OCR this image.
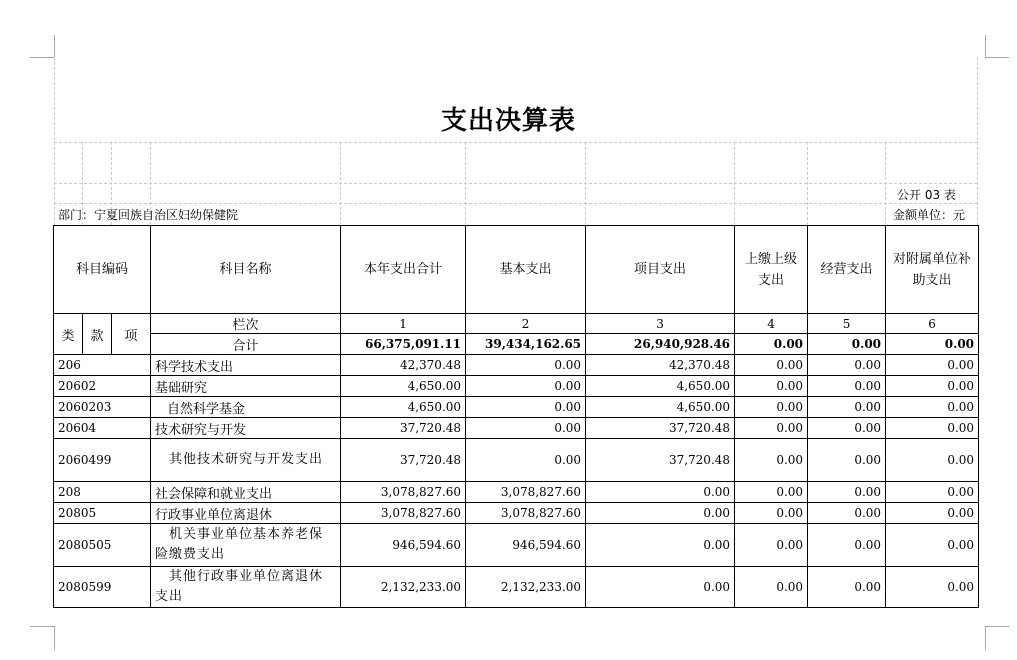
支出决算表
公开 03 表
部门：宁夏回族自治区妇幼保健院	金额单位：元
科目编码			科目名称	本年支出合计	基本支出	项目支出	上缴上级支出	经营支出	对附属单位补助支出
类	款	项	栏次	1	2	3	4	5	6
			合计	66,375,091.11	39,434,162.65	26,940,928.46	0.00	0.00	0.00
206			科学技术支出	42,370.48	0.00	42,370.48	0.00	0.00	0.00
20602			基础研究	4,650.00	0.00	4,650.00	0.00	0.00	0.00
2060203			自然科学基金	4,650.00	0.00	4,650.00	0.00	0.00	0.00
20604			技术研究与开发	37,720.48	0.00	37,720.48	0.00	0.00	0.00
2060499			其他技术研究与开发支出	37,720.48	0.00	37,720.48	0.00	0.00	0.00
208			社会保障和就业支出	3,078,827.60	3,078,827.60	0.00	0.00	0.00	0.00
20805			行政事业单位离退休	3,078,827.60	3,078,827.60	0.00	0.00	0.00	0.00
2080505			机关事业单位基本养老保险缴费支出	946,594.60	946,594.60	0.00	0.00	0.00	0.00
2080599			其他行政事业单位离退休支出	2,132,233.00	2,132,233.00	0.00	0.00	0.00	0.00
